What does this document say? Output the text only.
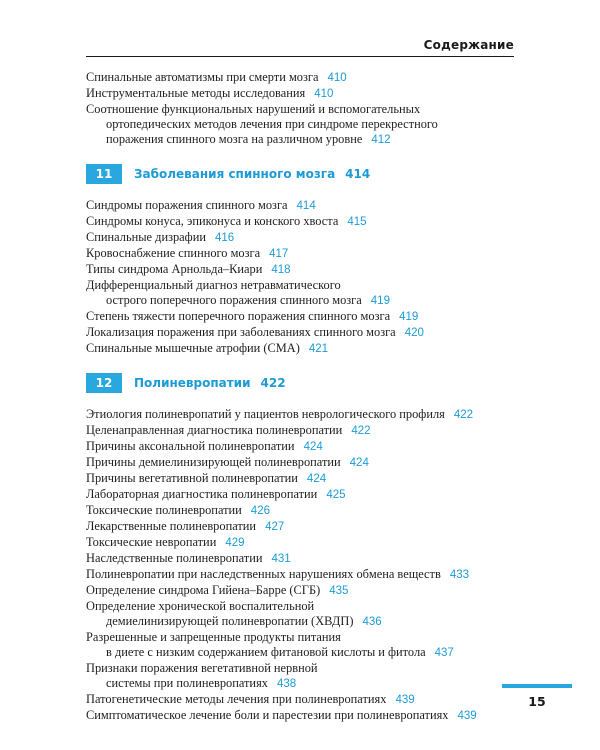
Содержание
Спинальные автоматизмы при смерти мозга 410
Инструментальные методы исследования 410
Соотношение функциональных нарушений и вспомогательных

ортопедических методов лечения при синдроме перекрестного
поражения спинного мозга на различном уровне 412
11	Заболевания спинного мозга 414
Синдромы поражения спинного мозга 414
Синдромы конуса, эпиконуса и конского хвоста 415
Спинальные дизрафии 416
Кровоснабжение спинного мозга 417
Типы синдрома Арнольда–Киари 418
Дифференциальный диагноз нетравматического

острого поперечного поражения спинного мозга 419
Степень тяжести поперечного поражения спинного мозга 419
Локализация поражения при заболеваниях спинного мозга 420
Спинальные мышечные атрофии (СМА) 421
12	Полиневропатии 422
Этиология полиневропатий у пациентов неврологического профиля 422
Целенаправленная диагностика полиневропатии 422
Причины аксональной полиневропатии 424
Причины демиелинизирующей полиневропатии 424
Причины вегетативной полиневропатии 424
Лабораторная диагностика полиневропатии 425
Токсические полиневропатии 426
Лекарственные полиневропатии 427
Токсические невропатии 429
Наследственные полиневропатии 431
Полиневропатии при наследственных нарушениях обмена веществ 433
Определение синдрома Гийена–Барре (СГБ) 435
Определение хронической воспалительной

демиелинизирующей полиневропатии (ХВДП) 436
Разрешенные и запрещенные продукты питания

в диете с низким содержанием фитановой кислоты и фитола 437
Признаки поражения вегетативной нервной

системы при полиневропатиях 438
Патогенетические методы лечения при полиневропатиях 439
Симптоматическое лечение боли и парестезии при полиневропатиях 439
15
